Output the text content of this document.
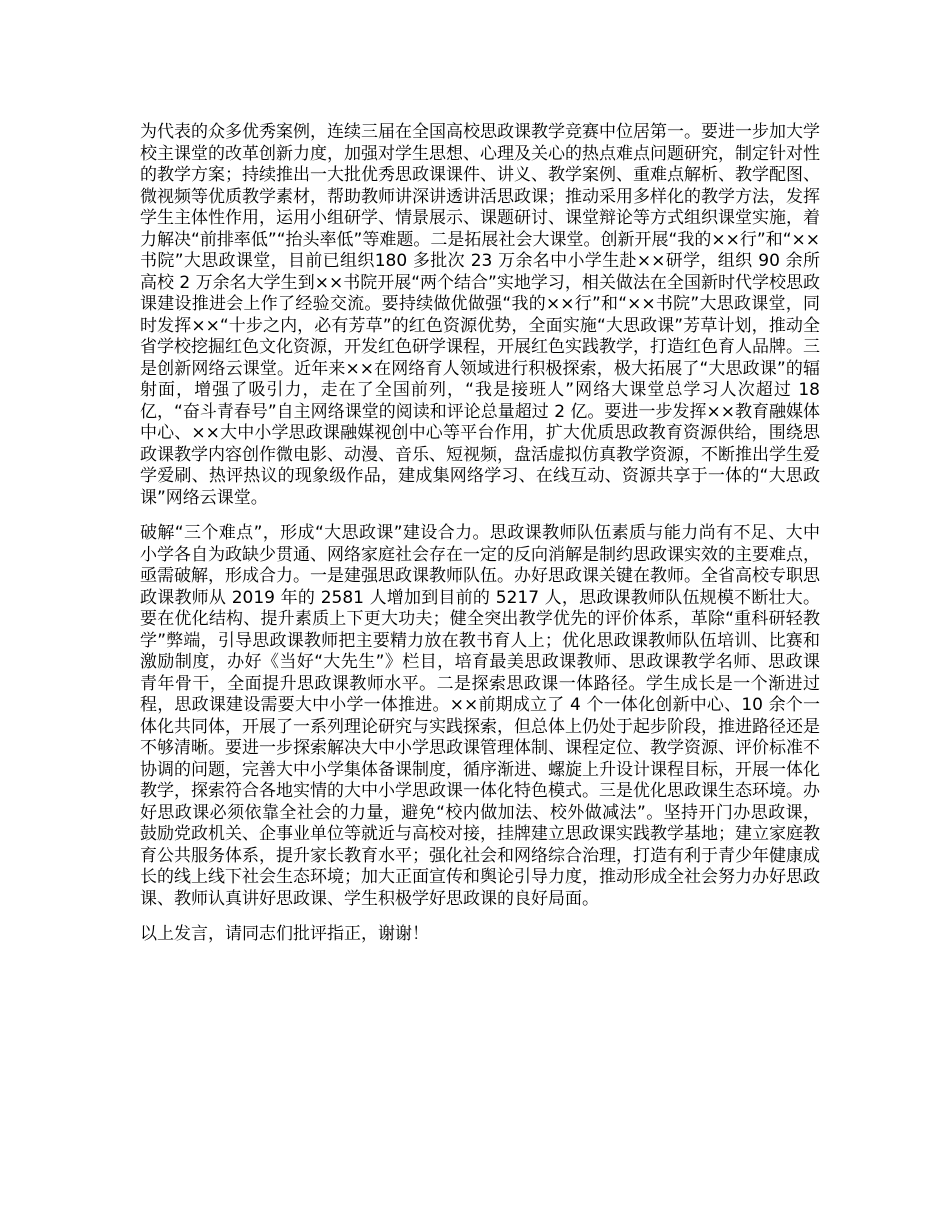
为代表的众多优秀案例，连续三届在全国高校思政课教学竞赛中位居第一。要进一步加大学校主课堂的改革创新力度，加强对学生思想、心理及关心的热点难点问题研究，制定针对性的教学方案；持续推出一大批优秀思政课课件、讲义、教学案例、重难点解析、教学配图、微视频等优质教学素材，帮助教师讲深讲透讲活思政课；推动采用多样化的教学方法，发挥学生主体性作用，运用小组研学、情景展示、课题研讨、课堂辩论等方式组织课堂实施，着力解决“前排率低”“抬头率低”等难题。二是拓展社会大课堂。创新开展“我的××行”和“××书院”大思政课堂，目前已组织180 多批次 23 万余名中小学生赴××研学，组织 90 余所高校 2 万余名大学生到××书院开展“两个结合”实地学习，相关做法在全国新时代学校思政课建设推进会上作了经验交流。要持续做优做强“我的××行”和“××书院”大思政课堂，同时发挥××“十步之内，必有芳草”的红色资源优势，全面实施“大思政课”芳草计划，推动全省学校挖掘红色文化资源，开发红色研学课程，开展红色实践教学，打造红色育人品牌。三是创新网络云课堂。近年来××在网络育人领域进行积极探索，极大拓展了“大思政课”的辐射面，增强了吸引力，走在了全国前列，“我是接班人”网络大课堂总学习人次超过 18 亿，“奋斗青春号”自主网络课堂的阅读和评论总量超过 2 亿。要进一步发挥××教育融媒体中心、××大中小学思政课融媒视创中心等平台作用，扩大优质思政教育资源供给，围绕思政课教学内容创作微电影、动漫、音乐、短视频，盘活虚拟仿真教学资源，不断推出学生爱学爱刷、热评热议的现象级作品，建成集网络学习、在线互动、资源共享于一体的“大思政课”网络云课堂。

破解“三个难点”，形成“大思政课”建设合力。思政课教师队伍素质与能力尚有不足、大中小学各自为政缺少贯通、网络家庭社会存在一定的反向消解是制约思政课实效的主要难点，亟需破解，形成合力。一是建强思政课教师队伍。办好思政课关键在教师。全省高校专职思政课教师从 2019 年的 2581 人增加到目前的 5217 人，思政课教师队伍规模不断壮大。要在优化结构、提升素质上下更大功夫；健全突出教学优先的评价体系，革除“重科研轻教学”弊端，引导思政课教师把主要精力放在教书育人上；优化思政课教师队伍培训、比赛和激励制度，办好《当好“大先生”》栏目，培育最美思政课教师、思政课教学名师、思政课青年骨干，全面提升思政课教师水平。二是探索思政课一体路径。学生成长是一个渐进过程，思政课建设需要大中小学一体推进。××前期成立了 4 个一体化创新中心、10 余个一体化共同体，开展了一系列理论研究与实践探索，但总体上仍处于起步阶段，推进路径还是不够清晰。要进一步探索解决大中小学思政课管理体制、课程定位、教学资源、评价标准不协调的问题，完善大中小学集体备课制度，循序渐进、螺旋上升设计课程目标，开展一体化教学，探索符合各地实情的大中小学思政课一体化特色模式。三是优化思政课生态环境。办好思政课必须依靠全社会的力量，避免“校内做加法、校外做减法”。坚持开门办思政课，鼓励党政机关、企事业单位等就近与高校对接，挂牌建立思政课实践教学基地；建立家庭教育公共服务体系，提升家长教育水平；强化社会和网络综合治理，打造有利于青少年健康成长的线上线下社会生态环境；加大正面宣传和舆论引导力度，推动形成全社会努力办好思政课、教师认真讲好思政课、学生积极学好思政课的良好局面。

以上发言，请同志们批评指正，谢谢！
